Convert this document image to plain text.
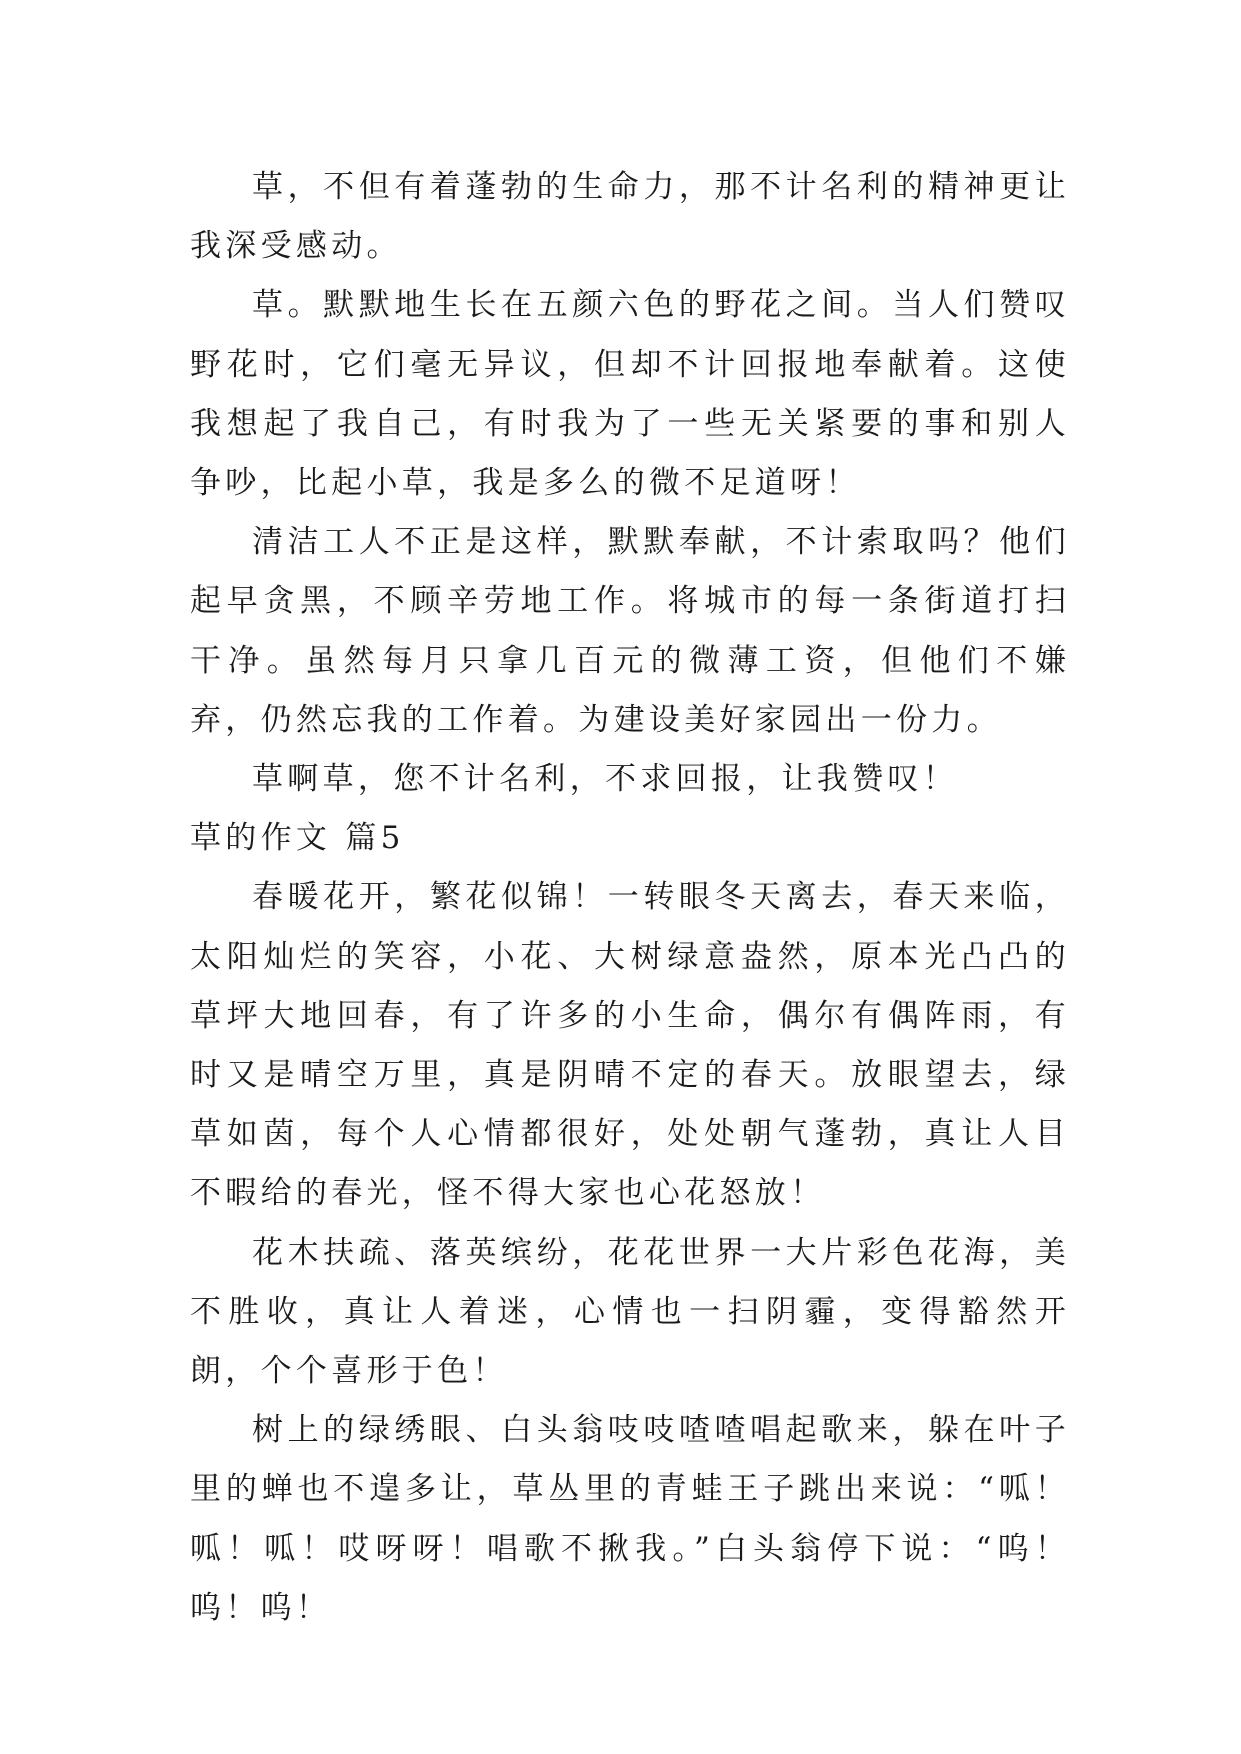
草，不但有着蓬勃的生命力，那不计名利的精神更让我深受感动。

草。默默地生长在五颜六色的野花之间。当人们赞叹野花时，它们毫无异议，但却不计回报地奉献着。这使我想起了我自己，有时我为了一些无关紧要的事和别人争吵，比起小草，我是多么的微不足道呀！

清洁工人不正是这样，默默奉献，不计索取吗？他们起早贪黑，不顾辛劳地工作。将城市的每一条街道打扫干净。虽然每月只拿几百元的微薄工资，但他们不嫌弃，仍然忘我的工作着。为建设美好家园出一份力。

草啊草，您不计名利，不求回报，让我赞叹！

草的作文 篇5

春暖花开，繁花似锦！一转眼冬天离去，春天来临，太阳灿烂的笑容，小花、大树绿意盎然，原本光凸凸的草坪大地回春，有了许多的小生命，偶尔有偶阵雨，有时又是晴空万里，真是阴晴不定的春天。放眼望去，绿草如茵，每个人心情都很好，处处朝气蓬勃，真让人目不暇给的春光，怪不得大家也心花怒放！

花木扶疏、落英缤纷，花花世界一大片彩色花海，美不胜收，真让人着迷，心情也一扫阴霾，变得豁然开朗，个个喜形于色！

树上的绿绣眼、白头翁吱吱喳喳唱起歌来，躲在叶子里的蝉也不遑多让，草丛里的青蛙王子跳出来说：“呱！呱！呱！哎呀呀！唱歌不揪我。”白头翁停下说：“呜！呜！呜！
